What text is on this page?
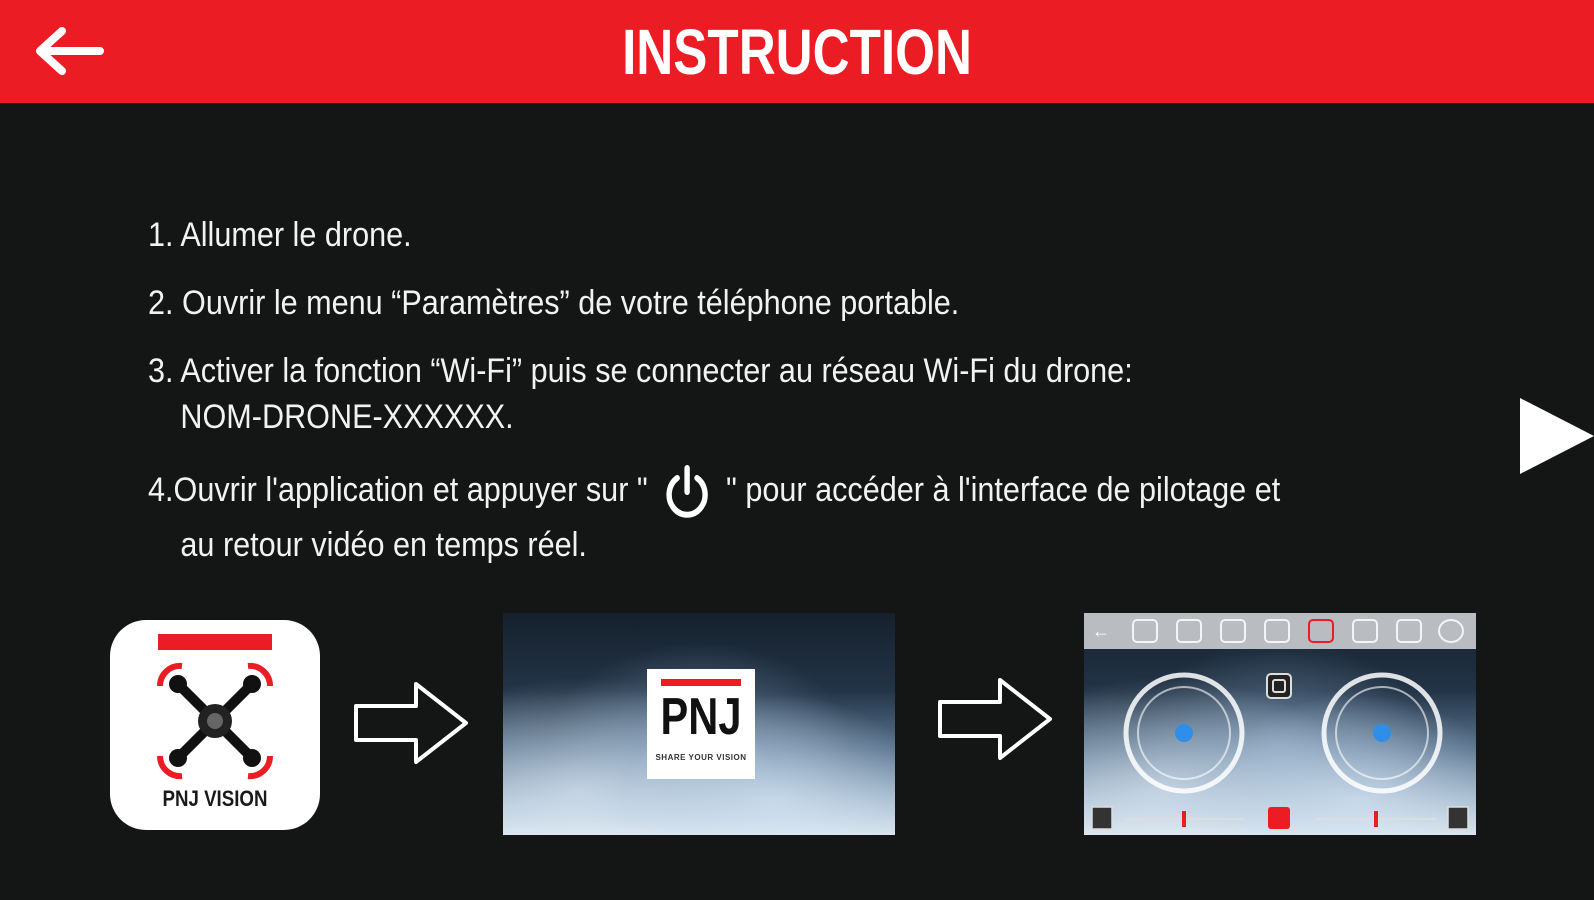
INSTRUCTION
1. Allumer le drone.
2. Ouvrir le menu “Paramètres” de votre téléphone portable.
3. Activer la fonction “Wi-Fi” puis se connecter au réseau Wi-Fi du drone:
NOM-DRONE-XXXXXX.
4.Ouvrir l'application et appuyer sur " " pour accéder à l'interface de pilotage et
au retour vidéo en temps réel.
PNJ VISION
PNJ
SHARE YOUR VISION
←
